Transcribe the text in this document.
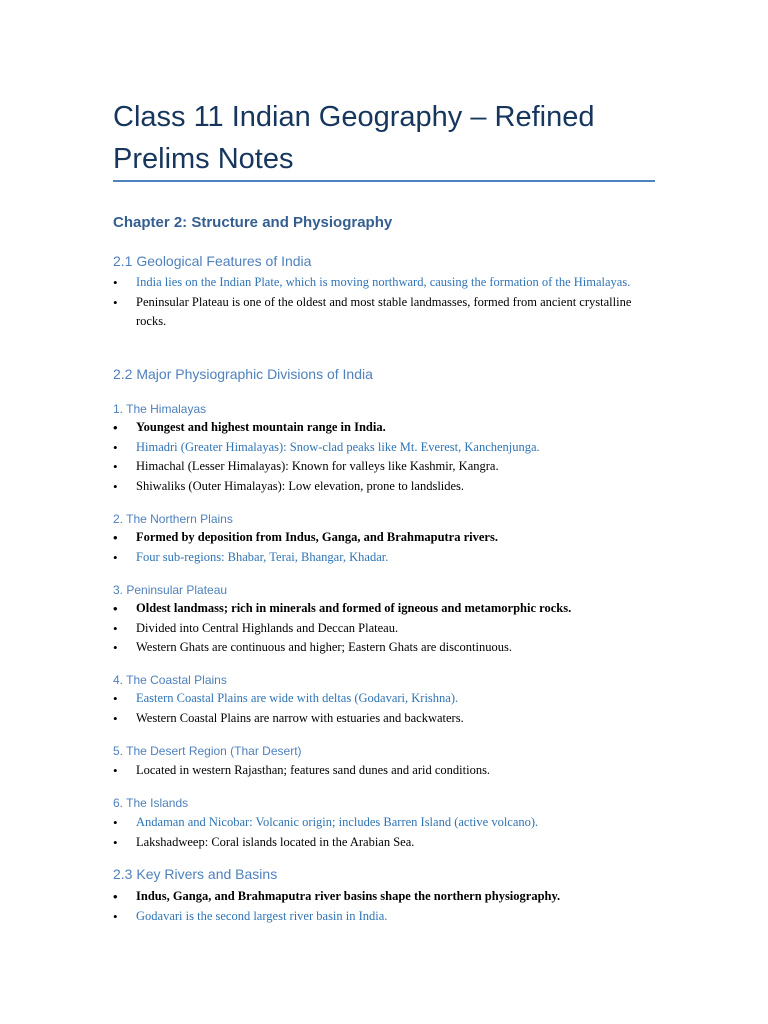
Class 11 Indian Geography – Refined Prelims Notes
Chapter 2: Structure and Physiography
2.1 Geological Features of India
• India lies on the Indian Plate, which is moving northward, causing the formation of the Himalayas.
• Peninsular Plateau is one of the oldest and most stable landmasses, formed from ancient crystalline rocks.
2.2 Major Physiographic Divisions of India
1. The Himalayas
• Youngest and highest mountain range in India.
• Himadri (Greater Himalayas): Snow-clad peaks like Mt. Everest, Kanchenjunga.
• Himachal (Lesser Himalayas): Known for valleys like Kashmir, Kangra.
• Shiwaliks (Outer Himalayas): Low elevation, prone to landslides.
2. The Northern Plains
• Formed by deposition from Indus, Ganga, and Brahmaputra rivers.
• Four sub-regions: Bhabar, Terai, Bhangar, Khadar.
3. Peninsular Plateau
• Oldest landmass; rich in minerals and formed of igneous and metamorphic rocks.
• Divided into Central Highlands and Deccan Plateau.
• Western Ghats are continuous and higher; Eastern Ghats are discontinuous.
4. The Coastal Plains
• Eastern Coastal Plains are wide with deltas (Godavari, Krishna).
• Western Coastal Plains are narrow with estuaries and backwaters.
5. The Desert Region (Thar Desert)
• Located in western Rajasthan; features sand dunes and arid conditions.
6. The Islands
• Andaman and Nicobar: Volcanic origin; includes Barren Island (active volcano).
• Lakshadweep: Coral islands located in the Arabian Sea.
2.3 Key Rivers and Basins
• Indus, Ganga, and Brahmaputra river basins shape the northern physiography.
• Godavari is the second largest river basin in India.
